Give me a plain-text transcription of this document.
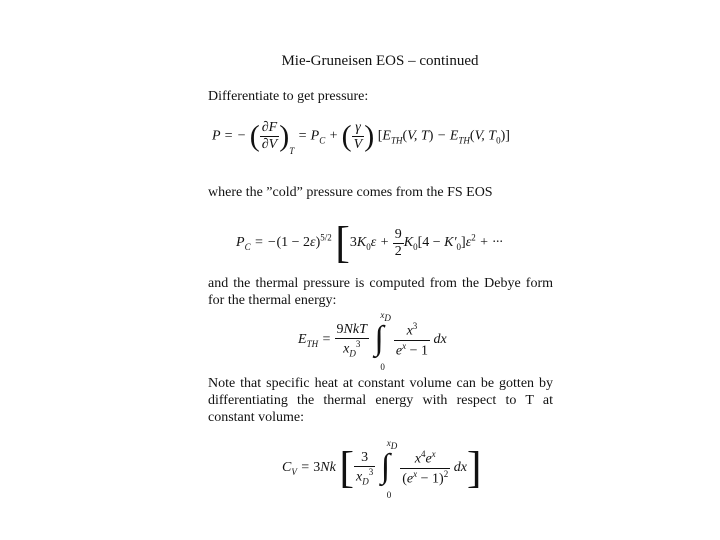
Mie-Gruneisen EOS – continued
Differentiate to get pressure:
P = − ( $\frac{\partial F}{\partial V} )_T = P_C$ + ( $\frac{\gamma}{V}$ ) [$E_{TH}(V$, $T) - E_{TH}(V$, $T_0$)]
where the ”cold” pressure comes from the FS EOS
$P_C = -(1 - 2\varepsilon)^{5/2}$ [$3K_0\varepsilon + \frac{9}{2} K_0[4 - K'_0]\varepsilon^2$ + ···
and the thermal pressure is computed from the Debye form for the thermal energy:
$E_{TH} = \frac{\text{9NkT}}{x_D^3}$

$x_D$
∫
0

$\frac{x^3}{e^x - 1}$ dx
Note that specific heat at constant volume can be gotten by differentiating the thermal energy with respect to T at constant volume:
$C_V = 3Nk$ [ $\frac{3}{x_D^3}$

$x_D$
∫
0

$\frac{x^4e^x}{(e^x - 1)^2} dx$]
